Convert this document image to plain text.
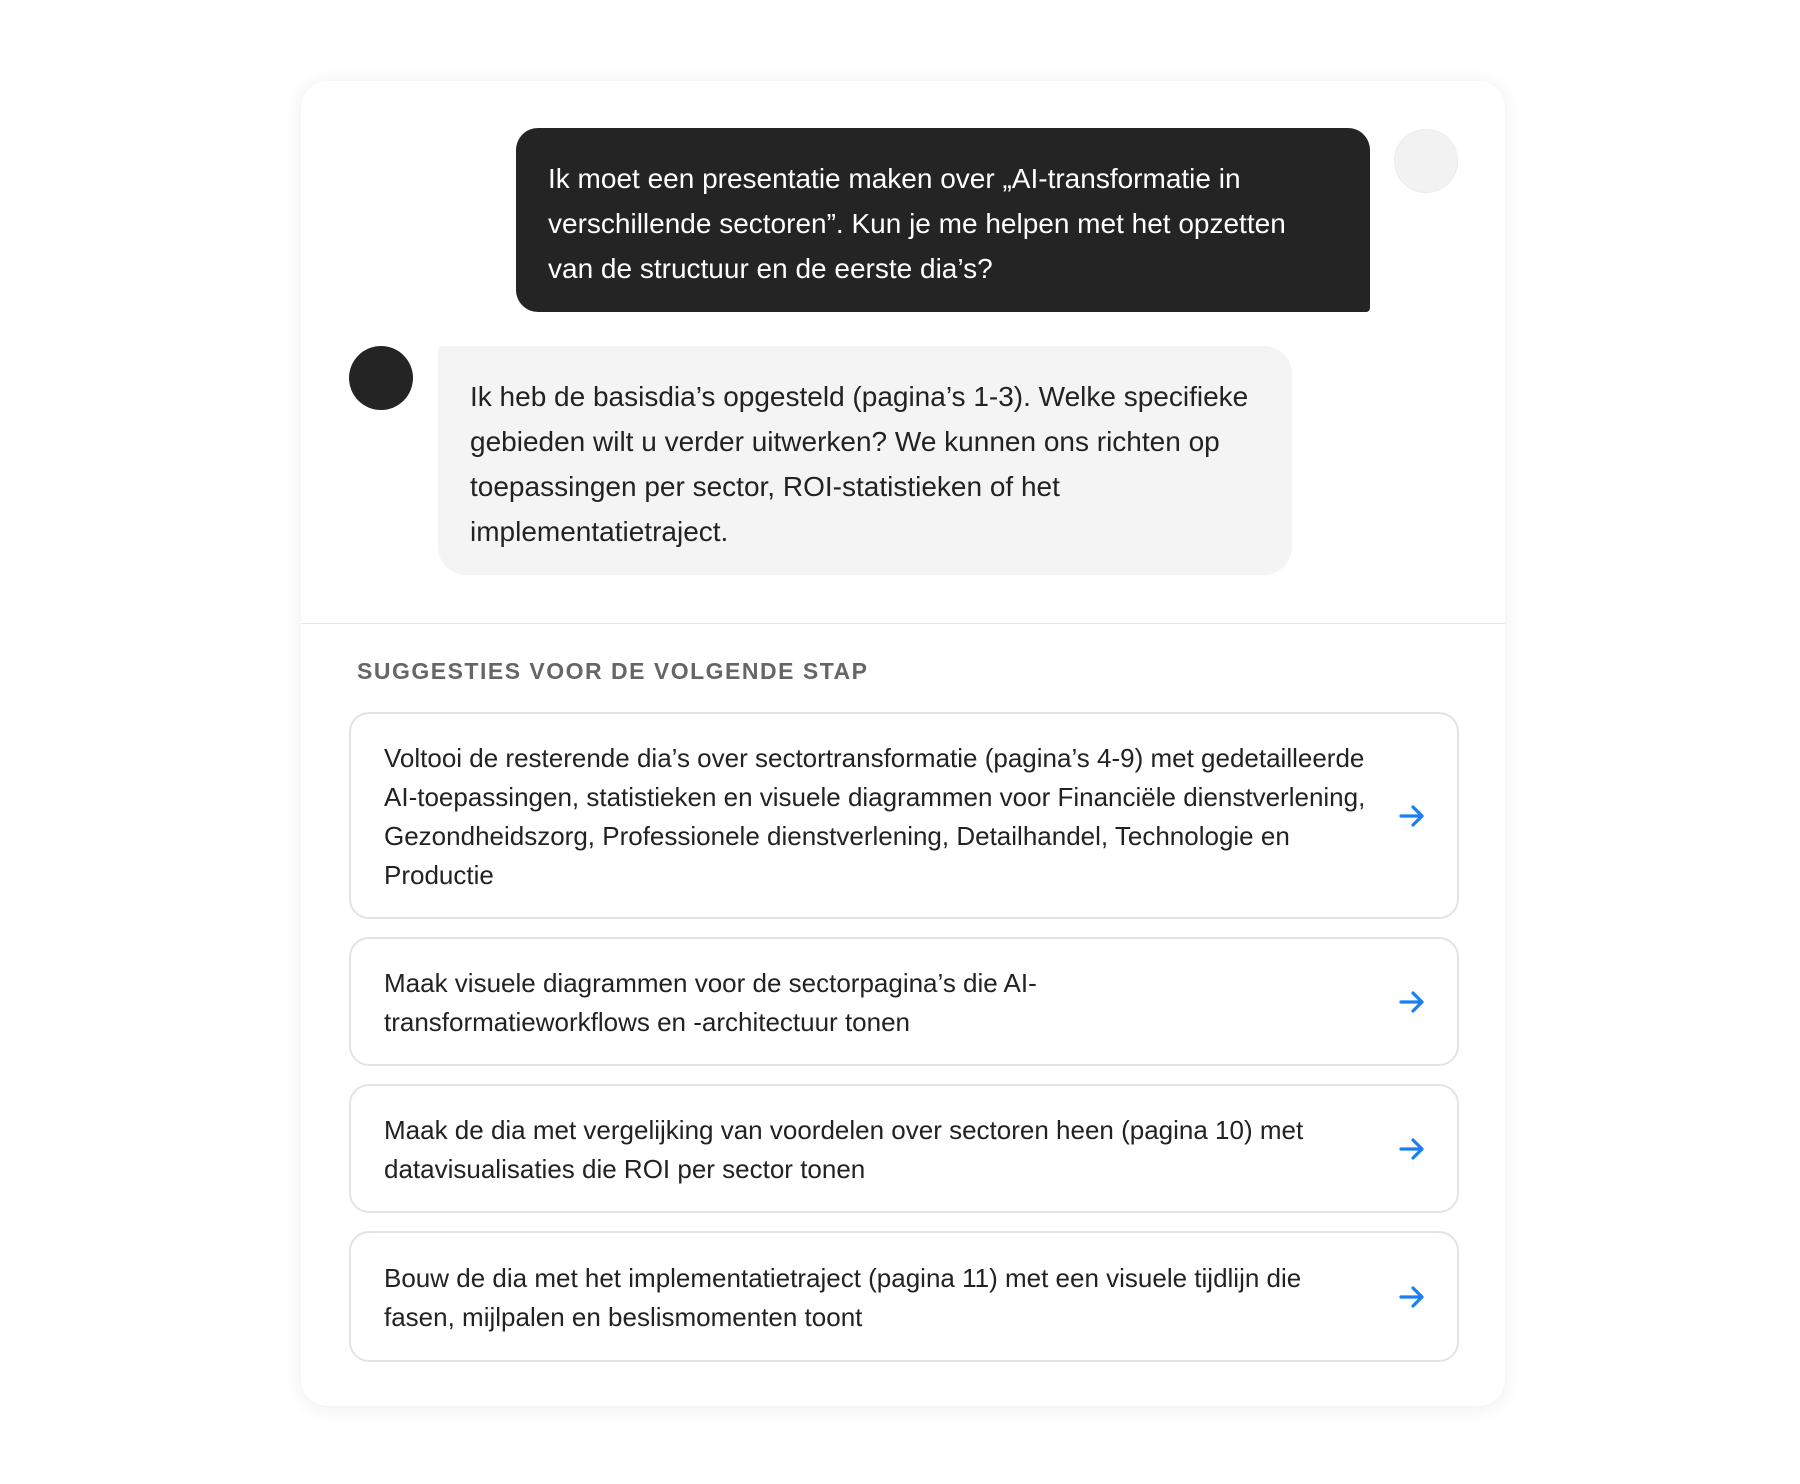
Ik moet een presentatie maken over „AI-transformatie in verschillende sectoren”. Kun je me helpen met het opzetten van de structuur en de eerste dia’s?
Ik heb de basisdia’s opgesteld (pagina’s 1-3). Welke specifieke gebieden wilt u verder uitwerken? We kunnen ons richten op toepassingen per sector, ROI-statistieken of het implementatietraject.
SUGGESTIES VOOR DE VOLGENDE STAP
Voltooi de resterende dia’s over sectortransformatie (pagina’s 4-9) met gedetailleerde AI-toepassingen, statistieken en visuele diagrammen voor Financiële dienstverlening, Gezondheidszorg, Professionele dienstverlening, Detailhandel, Technologie en Productie
Maak visuele diagrammen voor de sectorpagina’s die AI-transformatieworkflows en -architectuur tonen
Maak de dia met vergelijking van voordelen over sectoren heen (pagina 10) met datavisualisaties die ROI per sector tonen
Bouw de dia met het implementatietraject (pagina 11) met een visuele tijdlijn die fasen, mijlpalen en beslismomenten toont
